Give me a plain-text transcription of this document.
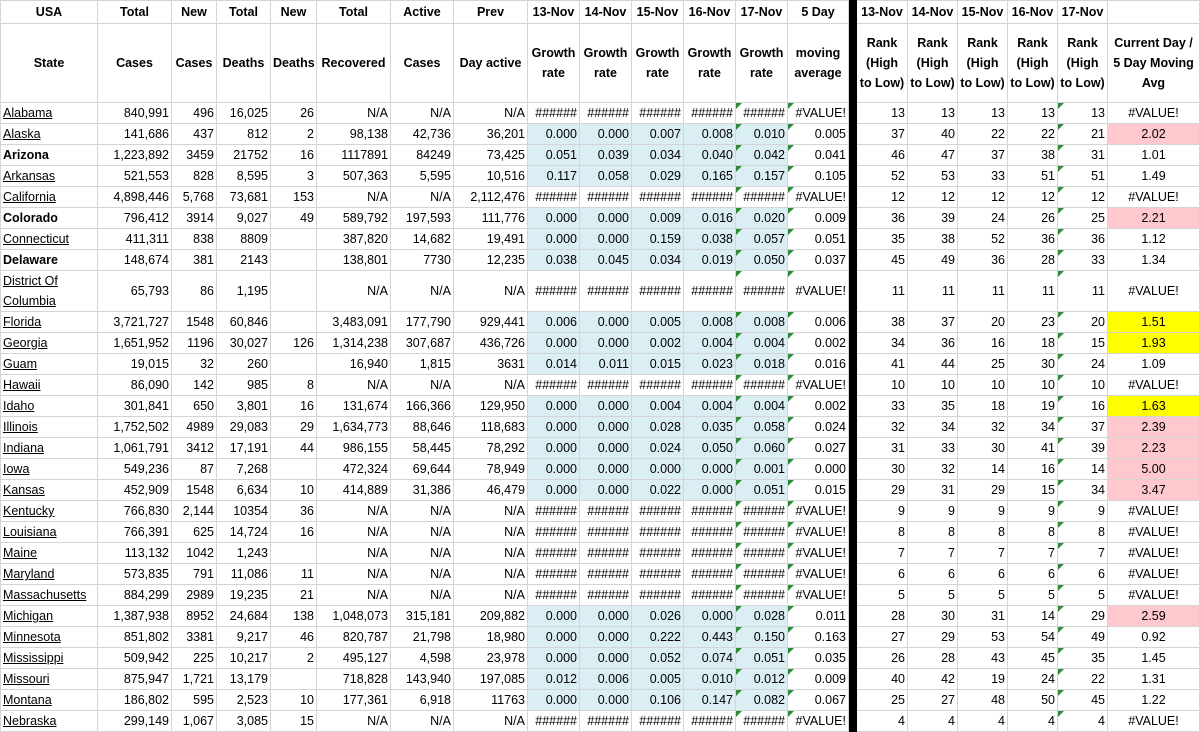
USA	Total	New	Total	New	Total	Active	Prev	13-Nov	14-Nov	15-Nov	16-Nov	17-Nov	5 Day		13-Nov	14-Nov	15-Nov	16-Nov	17-Nov	
State	Cases	Cases	Deaths	Deaths	Recovered	Cases	Day active	Growth rate	Growth rate	Growth rate	Growth rate	Growth rate	moving average		Rank (High to Low)	Rank (High to Low)	Rank (High to Low)	Rank (High to Low)	Rank (High to Low)	Current Day / 5 Day Moving Avg
Alabama	840,991	496	16,025	26	N/A	N/A	N/A	######	######	######	######	######	#VALUE!		13	13	13	13	13	#VALUE!
Alaska	141,686	437	812	2	98,138	42,736	36,201	0.000	0.000	0.007	0.008	0.010	0.005		37	40	22	22	21	2.02
Arizona	1,223,892	3459	21752	16	1117891	84249	73,425	0.051	0.039	0.034	0.040	0.042	0.041		46	47	37	38	31	1.01
Arkansas	521,553	828	8,595	3	507,363	5,595	10,516	0.117	0.058	0.029	0.165	0.157	0.105		52	53	33	51	51	1.49
California	4,898,446	5,768	73,681	153	N/A	N/A	2,112,476	######	######	######	######	######	#VALUE!		12	12	12	12	12	#VALUE!
Colorado	796,412	3914	9,027	49	589,792	197,593	111,776	0.000	0.000	0.009	0.016	0.020	0.009		36	39	24	26	25	2.21
Connecticut	411,311	838	8809		387,820	14,682	19,491	0.000	0.000	0.159	0.038	0.057	0.051		35	38	52	36	36	1.12
Delaware	148,674	381	2143		138,801	7730	12,235	0.038	0.045	0.034	0.019	0.050	0.037		45	49	36	28	33	1.34
District Of Columbia	65,793	86	1,195		N/A	N/A	N/A	######	######	######	######	######	#VALUE!		11	11	11	11	11	#VALUE!
Florida	3,721,727	1548	60,846		3,483,091	177,790	929,441	0.006	0.000	0.005	0.008	0.008	0.006		38	37	20	23	20	1.51
Georgia	1,651,952	1196	30,027	126	1,314,238	307,687	436,726	0.000	0.000	0.002	0.004	0.004	0.002		34	36	16	18	15	1.93
Guam	19,015	32	260		16,940	1,815	3631	0.014	0.011	0.015	0.023	0.018	0.016		41	44	25	30	24	1.09
Hawaii	86,090	142	985	8	N/A	N/A	N/A	######	######	######	######	######	#VALUE!		10	10	10	10	10	#VALUE!
Idaho	301,841	650	3,801	16	131,674	166,366	129,950	0.000	0.000	0.004	0.004	0.004	0.002		33	35	18	19	16	1.63
Illinois	1,752,502	4989	29,083	29	1,634,773	88,646	118,683	0.000	0.000	0.028	0.035	0.058	0.024		32	34	32	34	37	2.39
Indiana	1,061,791	3412	17,191	44	986,155	58,445	78,292	0.000	0.000	0.024	0.050	0.060	0.027		31	33	30	41	39	2.23
Iowa	549,236	87	7,268		472,324	69,644	78,949	0.000	0.000	0.000	0.000	0.001	0.000		30	32	14	16	14	5.00
Kansas	452,909	1548	6,634	10	414,889	31,386	46,479	0.000	0.000	0.022	0.000	0.051	0.015		29	31	29	15	34	3.47
Kentucky	766,830	2,144	10354	36	N/A	N/A	N/A	######	######	######	######	######	#VALUE!		9	9	9	9	9	#VALUE!
Louisiana	766,391	625	14,724	16	N/A	N/A	N/A	######	######	######	######	######	#VALUE!		8	8	8	8	8	#VALUE!
Maine	113,132	1042	1,243		N/A	N/A	N/A	######	######	######	######	######	#VALUE!		7	7	7	7	7	#VALUE!
Maryland	573,835	791	11,086	11	N/A	N/A	N/A	######	######	######	######	######	#VALUE!		6	6	6	6	6	#VALUE!
Massachusetts	884,299	2989	19,235	21	N/A	N/A	N/A	######	######	######	######	######	#VALUE!		5	5	5	5	5	#VALUE!
Michigan	1,387,938	8952	24,684	138	1,048,073	315,181	209,882	0.000	0.000	0.026	0.000	0.028	0.011		28	30	31	14	29	2.59
Minnesota	851,802	3381	9,217	46	820,787	21,798	18,980	0.000	0.000	0.222	0.443	0.150	0.163		27	29	53	54	49	0.92
Mississippi	509,942	225	10,217	2	495,127	4,598	23,978	0.000	0.000	0.052	0.074	0.051	0.035		26	28	43	45	35	1.45
Missouri	875,947	1,721	13,179		718,828	143,940	197,085	0.012	0.006	0.005	0.010	0.012	0.009		40	42	19	24	22	1.31
Montana	186,802	595	2,523	10	177,361	6,918	11763	0.000	0.000	0.106	0.147	0.082	0.067		25	27	48	50	45	1.22
Nebraska	299,149	1,067	3,085	15	N/A	N/A	N/A	######	######	######	######	######	#VALUE!		4	4	4	4	4	#VALUE!
